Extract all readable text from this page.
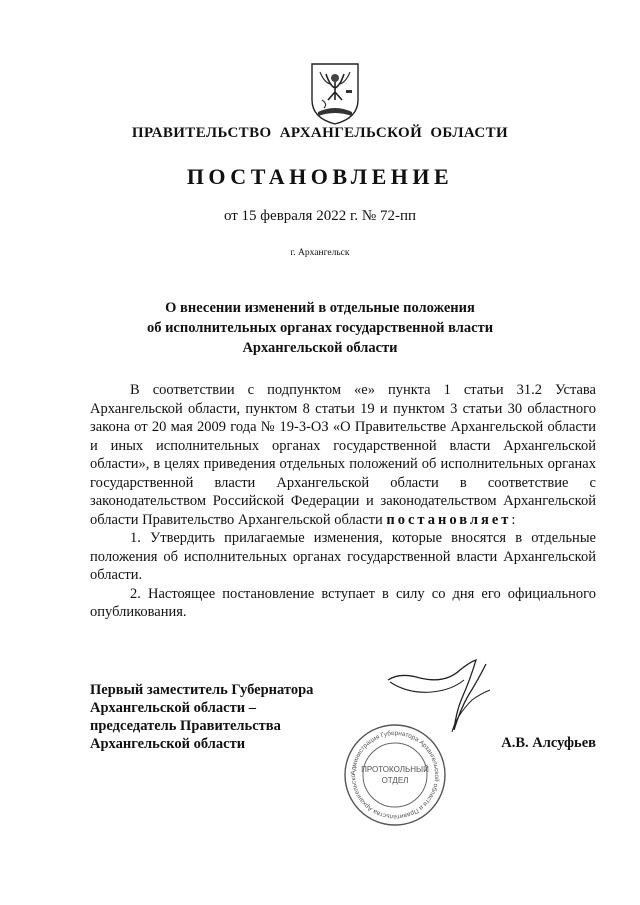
ПРАВИТЕЛЬСТВО АРХАНГЕЛЬСКОЙ ОБЛАСТИ
ПОСТАНОВЛЕНИЕ
от 15 февраля 2022 г. № 72-пп
г. Архангельск
О внесении изменений в отдельные положения
об исполнительных органах государственной власти
Архангельской области

В соответствии с подпунктом «е» пункта 1 статьи 31.2 Устава Архангельской области, пунктом 8 статьи 19 и пунктом 3 статьи 30 областного закона от 20 мая 2009 года № 19-3-ОЗ «О Правительстве Архангельской области и иных исполнительных органах государственной власти Архангельской области», в целях приведения отдельных положений об исполнительных органах государственной власти Архангельской области в соответствие с законодательством Российской Федерации и законодательством Архангельской области Правительство Архангельской области постановляет:

1. Утвердить прилагаемые изменения, которые вносятся в отдельные положения об исполнительных органах государственной власти Архангельской области.

2. Настоящее постановление вступает в силу со дня его официального опубликования.

Первый заместитель Губернатора
Архангельской области –
председатель Правительства
Архангельской области
Администрация Губернатора Архангельской области и Правительства Архангельско
ПРОТОКОЛЬНЫЙ
ОТДЕЛ
А.В. Алсуфьев
